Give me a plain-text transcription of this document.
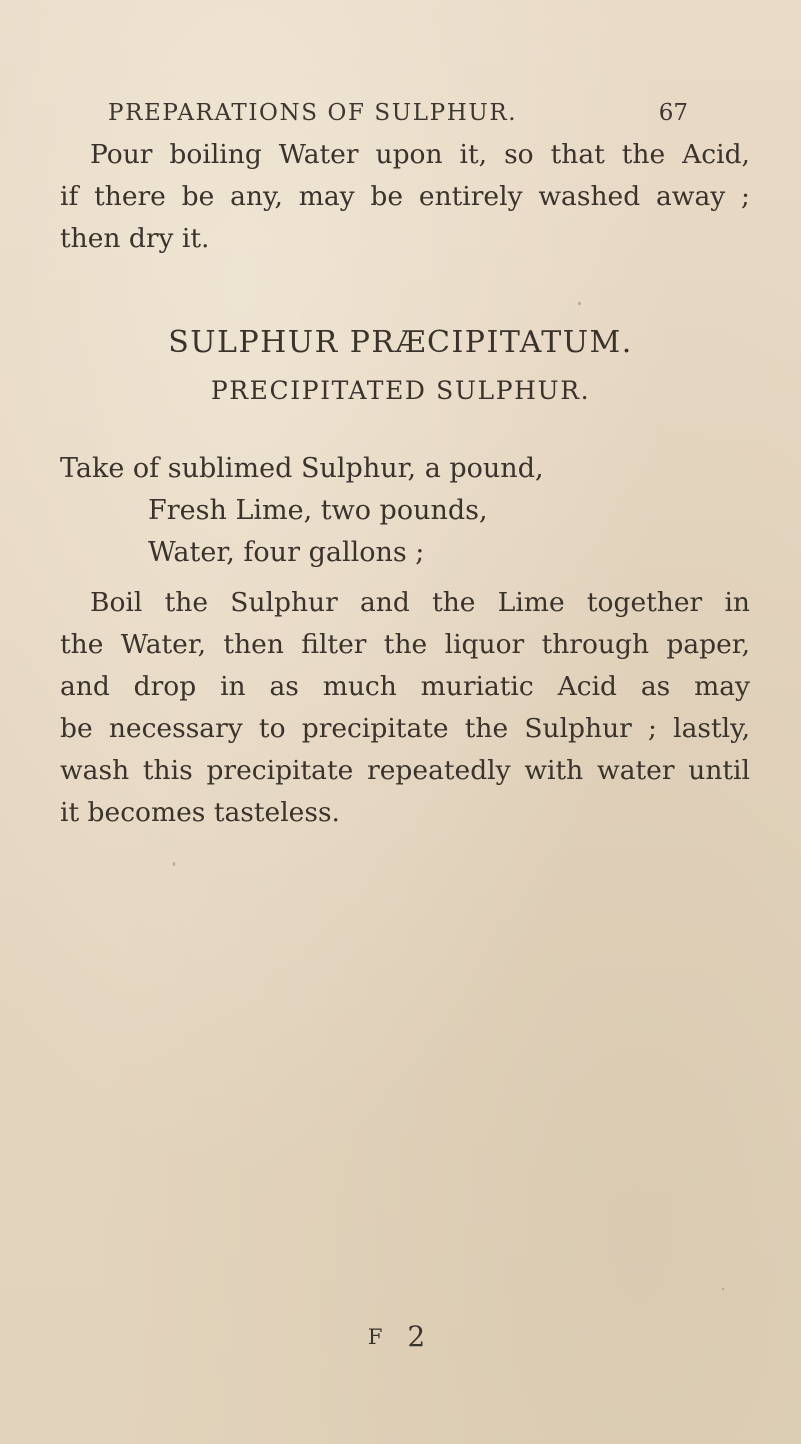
PREPARATIONS OF SULPHUR.	67
Pour boiling Water upon it, so that the Acid,
if there be any, may be entirely washed away ;
then dry it.
SULPHUR PRÆCIPITATUM.
PRECIPITATED SULPHUR.
Take of sublimed Sulphur, a pound,
Fresh Lime, two pounds,
Water, four gallons ;
Boil the Sulphur and the Lime together in
the Water, then filter the liquor through paper,
and drop in as much muriatic Acid as may
be necessary to precipitate the Sulphur ; lastly,
wash this precipitate repeatedly with water until
it becomes tasteless.
F 2
